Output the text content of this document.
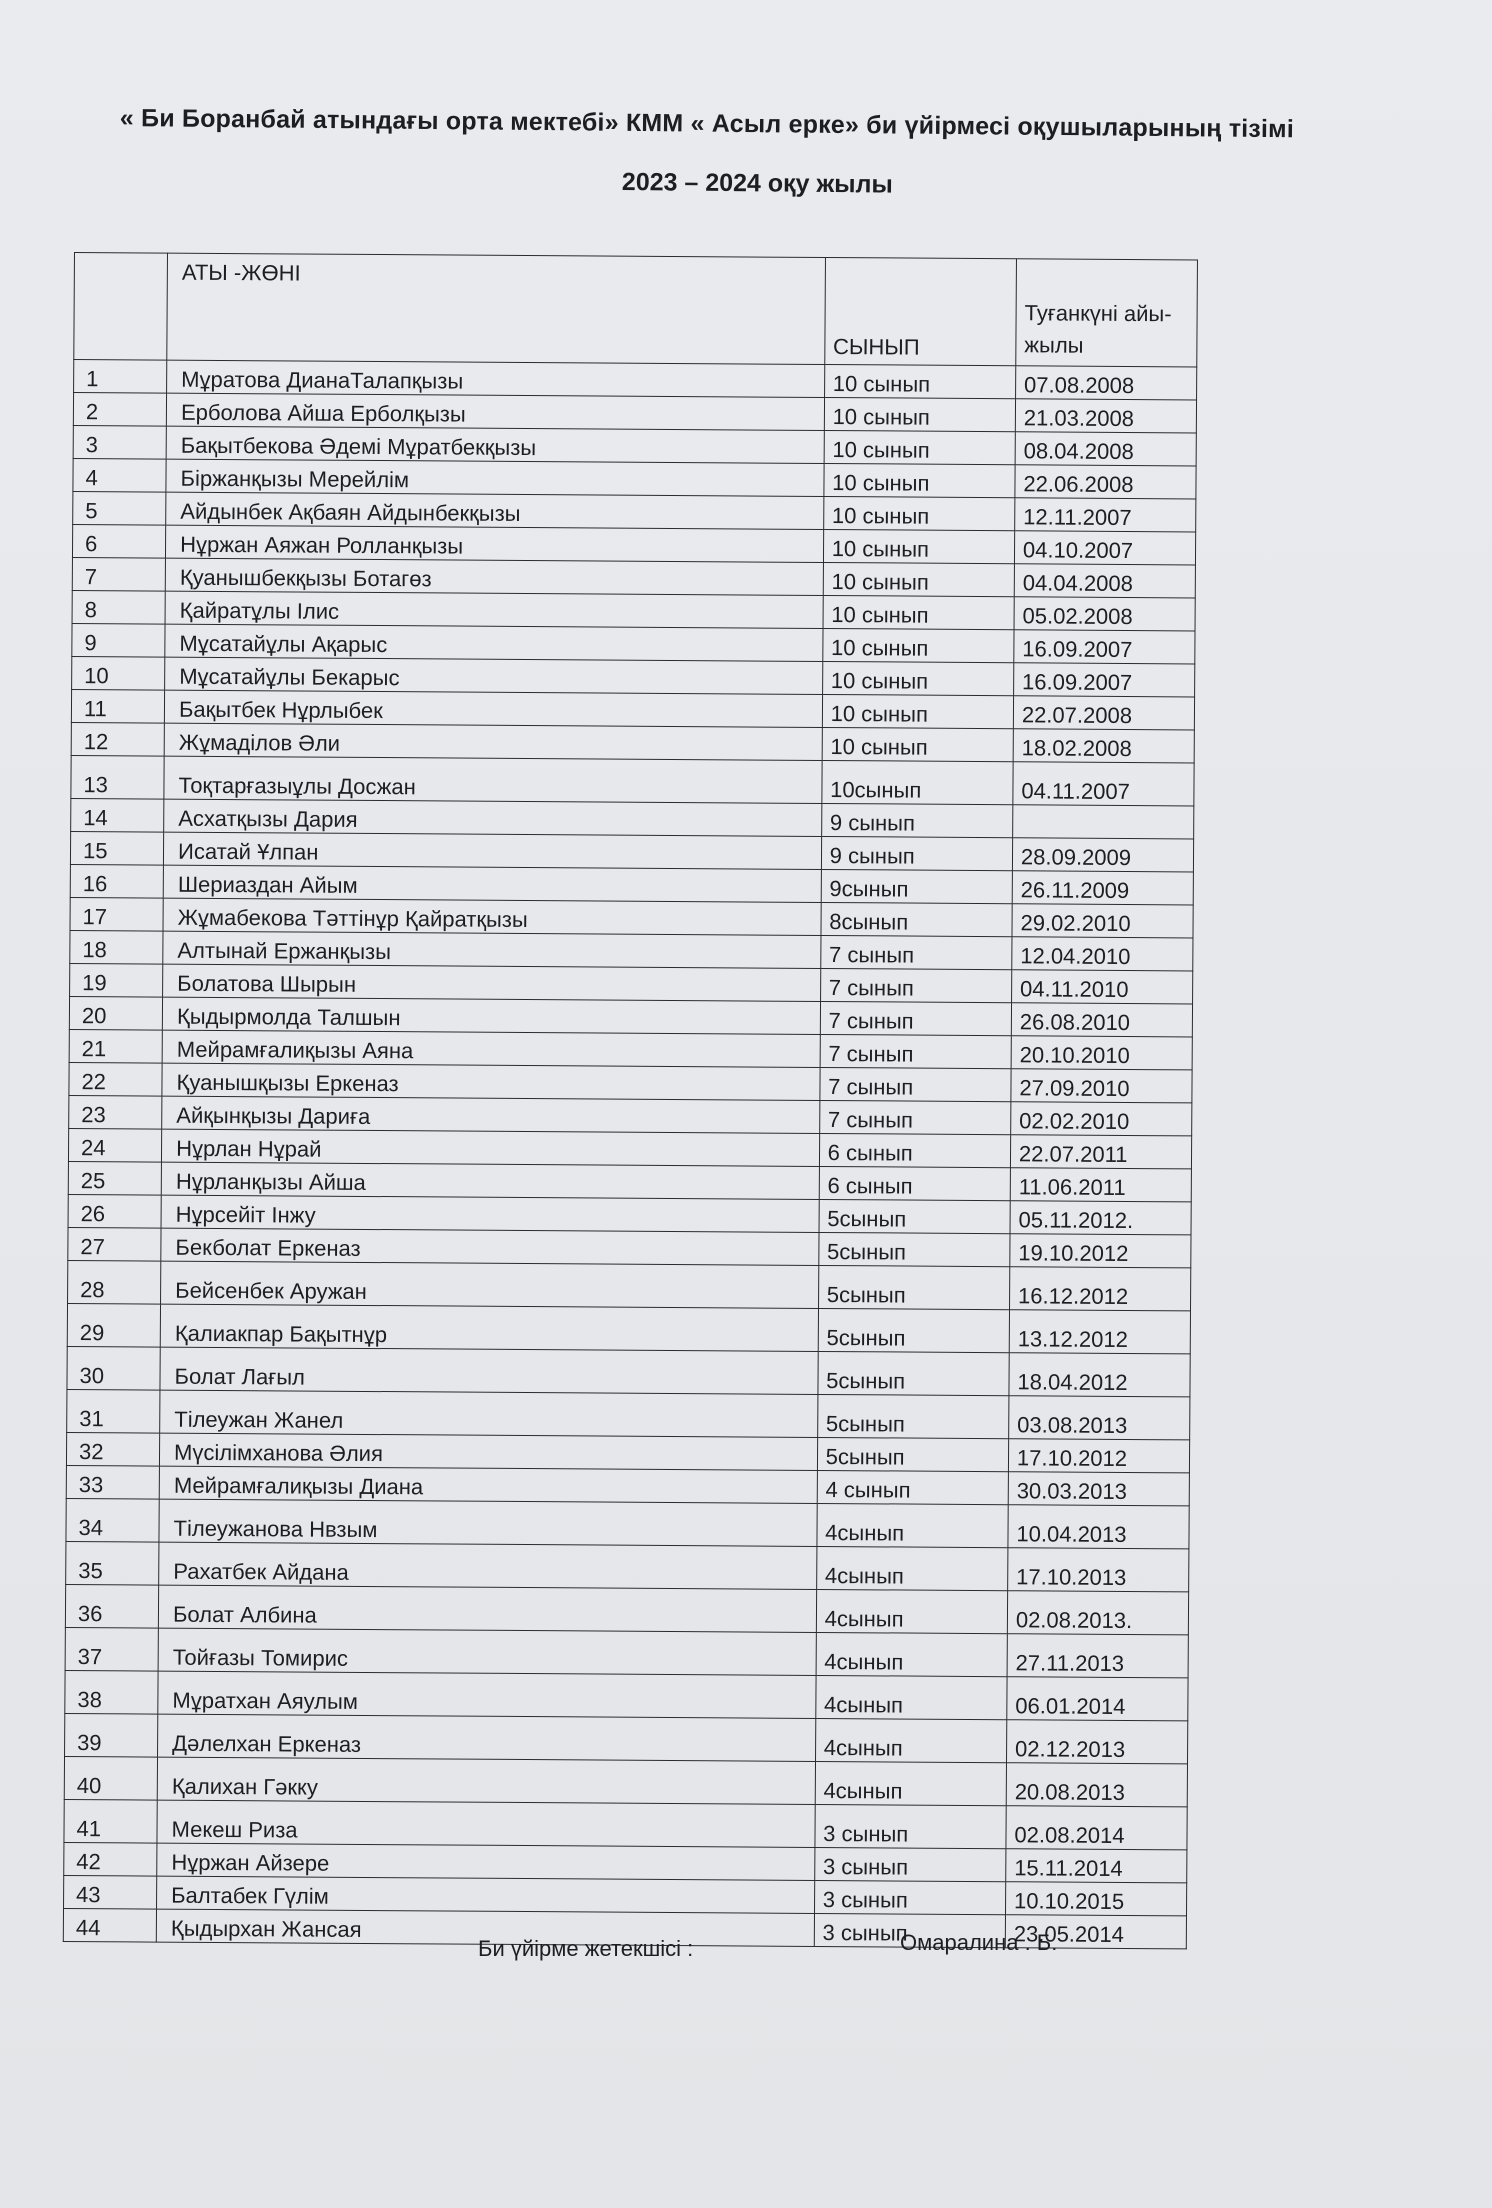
« Би Боранбай атындағы орта мектебі» КММ « Асыл ерке» би үйірмесі оқушыларының тізімі
2023 – 2024 оқу жылы
	АТЫ -ЖӨНІ	СЫНЫП	Туғанкүні айы-жылы
1	Мұратова ДианаТалапқызы	10 сынып	07.08.2008
2	Ерболова Айша Ерболқызы	10 сынып	21.03.2008
3	Бақытбекова Әдемі Мұратбекқызы	10 сынып	08.04.2008
4	Біржанқызы Мерейлім	10 сынып	22.06.2008
5	Айдынбек Ақбаян Айдынбекқызы	10 сынып	12.11.2007
6	Нұржан Аяжан Ролланқызы	10 сынып	04.10.2007
7	Қуанышбекқызы Ботагөз	10 сынып	04.04.2008
8	Қайратұлы Ілис	10 сынып	05.02.2008
9	Мұсатайұлы Ақарыс	10 сынып	16.09.2007
10	Мұсатайұлы Бекарыс	10 сынып	16.09.2007
11	Бақытбек Нұрлыбек	10 сынып	22.07.2008
12	Жұмаділов Әли	10 сынып	18.02.2008
13	Тоқтарғазыұлы Досжан	10сынып	04.11.2007
14	Асхатқызы Дария	9 сынып	
15	Исатай Ұлпан	9 сынып	28.09.2009
16	Шериаздан Айым	9сынып	26.11.2009
17	Жұмабекова Тәттінұр Қайратқызы	8сынып	29.02.2010
18	Алтынай Ержанқызы	7 сынып	12.04.2010
19	Болатова Шырын	7 сынып	04.11.2010
20	Қыдырмолда Талшын	7 сынып	26.08.2010
21	Мейрамғалиқызы Аяна	7 сынып	20.10.2010
22	Қуанышқызы Еркеназ	7 сынып	27.09.2010
23	Айқынқызы Дариға	7 сынып	02.02.2010
24	Нұрлан Нұрай	6 сынып	22.07.2011
25	Нұрланқызы Айша	6 сынып	11.06.2011
26	Нұрсейіт Інжу	5сынып	05.11.2012.
27	Бекболат Еркеназ	5сынып	19.10.2012
28	Бейсенбек Аружан	5сынып	16.12.2012
29	Қалиакпар Бақытнұр	5сынып	13.12.2012
30	Болат Лағыл	5сынып	18.04.2012
31	Тілеужан Жанел	5сынып	03.08.2013
32	Мүсілімханова Әлия	5сынып	17.10.2012
33	Мейрамғалиқызы Диана	4 сынып	30.03.2013
34	Тілеужанова Нвзым	4сынып	10.04.2013
35	Рахатбек Айдана	4сынып	17.10.2013
36	Болат Албина	4сынып	02.08.2013.
37	Тойғазы Томирис	4сынып	27.11.2013
38	Мұратхан Аяулым	4сынып	06.01.2014
39	Дәлелхан Еркеназ	4сынып	02.12.2013
40	Қалихан Гәкку	4сынып	20.08.2013
41	Мекеш Риза	3 сынып	02.08.2014
42	Нұржан Айзере	3 сынып	15.11.2014
43	Балтабек Гүлім	3 сынып	10.10.2015
44	Қыдырхан Жансая	3 сынып	23.05.2014
Би үйірме жетекшісі :	Омаралина . Б.
